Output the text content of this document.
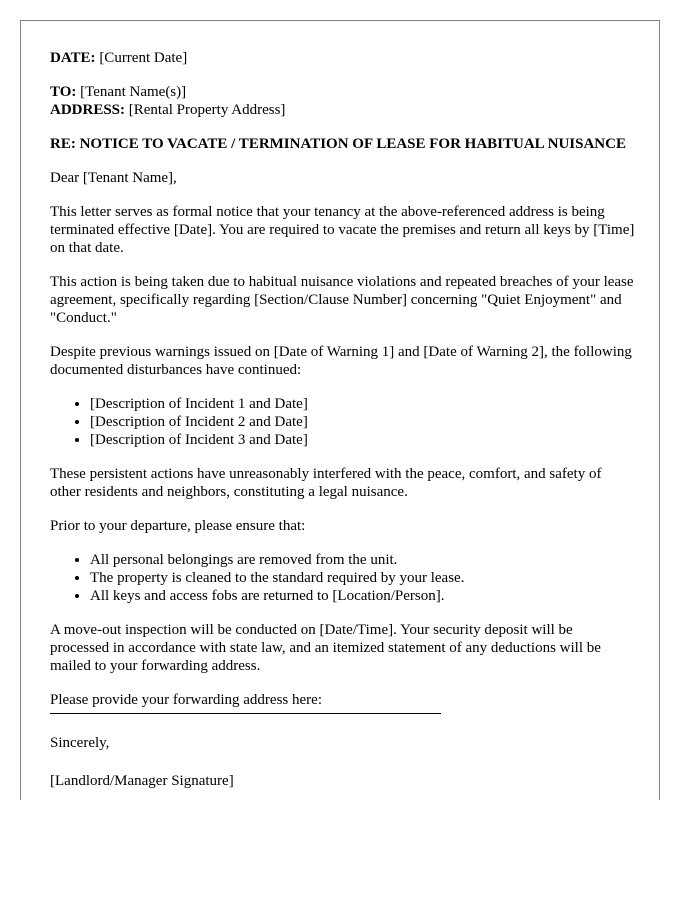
DATE: [Current Date]

TO: [Tenant Name(s)]

ADDRESS: [Rental Property Address]

RE: NOTICE TO VACATE / TERMINATION OF LEASE FOR HABITUAL NUISANCE

Dear [Tenant Name],

This letter serves as formal notice that your tenancy at the above-referenced address is being terminated effective [Date]. You are required to vacate the premises and return all keys by [Time] on that date.

This action is being taken due to habitual nuisance violations and repeated breaches of your lease agreement, specifically regarding [Section/Clause Number] concerning "Quiet Enjoyment" and "Conduct."

Despite previous warnings issued on [Date of Warning 1] and [Date of Warning 2], the following documented disturbances have continued:

• [Description of Incident 1 and Date]
• [Description of Incident 2 and Date]
• [Description of Incident 3 and Date]

These persistent actions have unreasonably interfered with the peace, comfort, and safety of other residents and neighbors, constituting a legal nuisance.

Prior to your departure, please ensure that:

• All personal belongings are removed from the unit.
• The property is cleaned to the standard required by your lease.
• All keys and access fobs are returned to [Location/Person].

A move-out inspection will be conducted on [Date/Time]. Your security deposit will be processed in accordance with state law, and an itemized statement of any deductions will be mailed to your forwarding address.

Please provide your forwarding address here:

Sincerely,

[Landlord/Manager Signature]
